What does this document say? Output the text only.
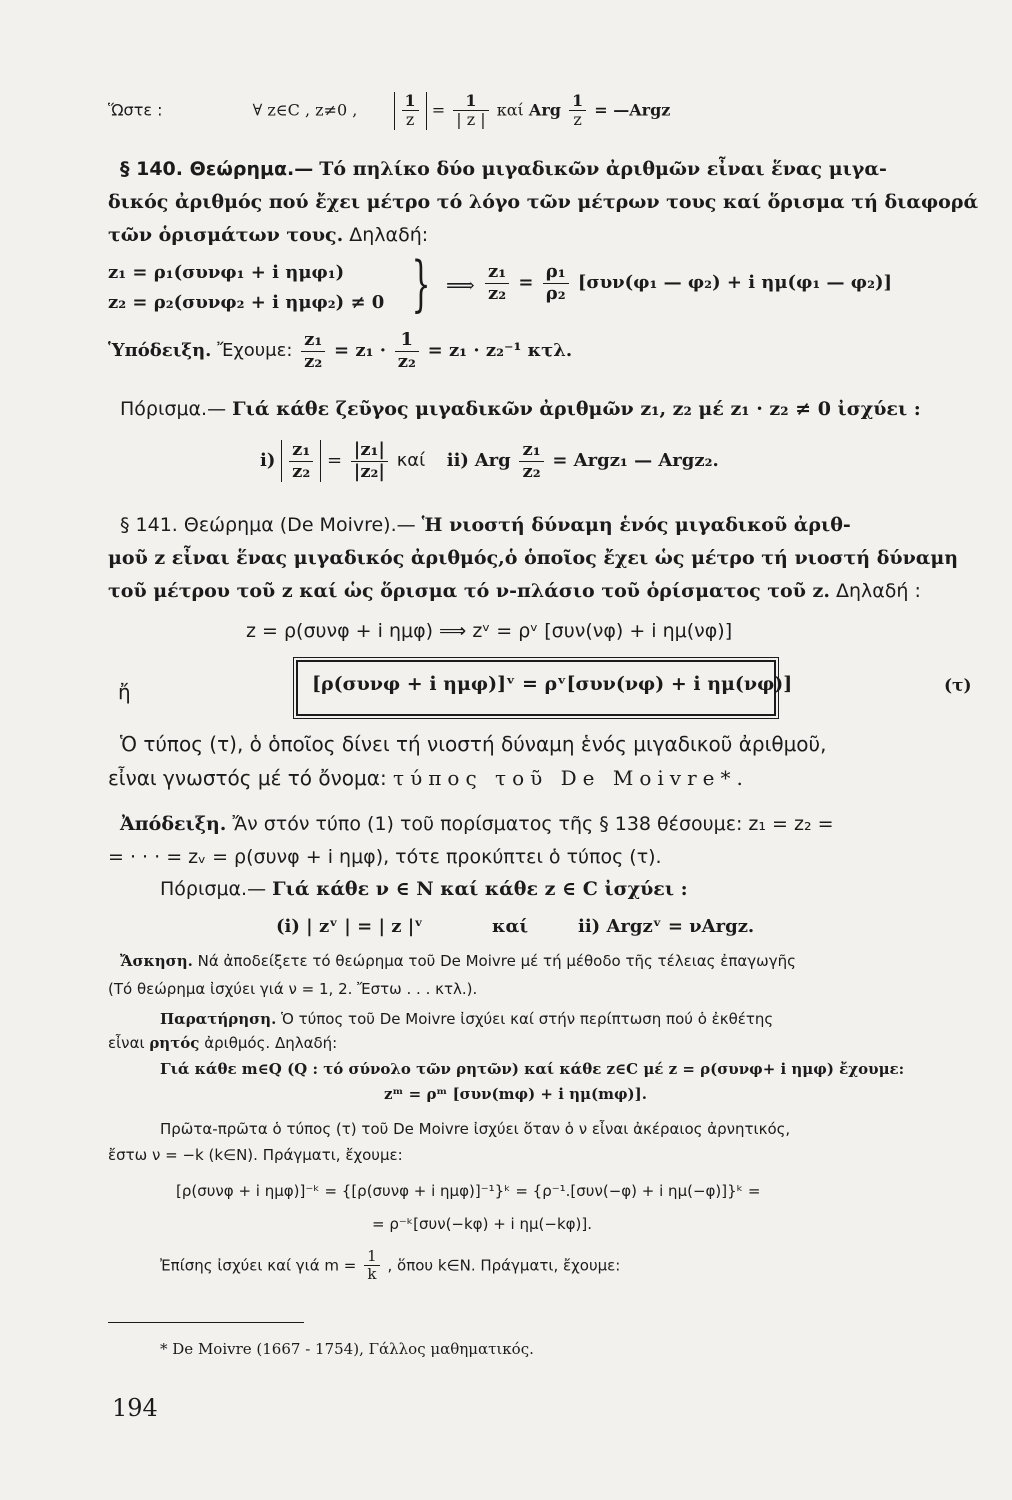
Ὥστε :	∀ z∈C , z≠0 ,	$\frac{1}{z} = \frac{1}{| z |}$ καί Arg $\frac{1}{z}$ = —Argz
§ 140. Θεώρημα.— Τό πηλίκο δύο μιγαδικῶν ἀριθμῶν εἶναι ἕνας μιγα-
δικός ἀριθμός πού ἔχει μέτρο τό λόγο τῶν μέτρων τους καί ὅρισμα τή διαφορά
τῶν ὁρισμάτων τους. Δηλαδή:
z₁ = ρ₁(συνφ₁ + i ημφ₁)
z₂ = ρ₂(συνφ₂ + i ημφ₂) ≠ 0 } ⟹ $\frac{\text{z₁}}{\text{z₂}} = \frac{\text{ρ₁}}{\text{ρ₂}} [\sigma\upsilon\nu(\varphi_1$ — φ₂) + i ημ(φ₁ — φ₂)]
Ὑπόδειξη. Ἔχουμε: $\frac{\text{z₁}}{\text{z₂}} = z_1 \cdot \frac{1}{\text{z₂}} = z_1 \cdot z_2^{-1}$ κτλ.
Πόρισμα.— Γιά κάθε ζεῦγος μιγαδικῶν ἀριθμῶν z₁, z₂ μέ z₁ · z₂ ≠ 0 ἰσχύει :
$i) \frac{\text{z₁}}{\text{z₂}} = \frac{\text{|z₁|}}{\text{|z₂|}}$ καί ii) Arg $\frac{\text{z₁}}{\text{z₂}}$ = Argz₁ — Argz₂.
§ 141. Θεώρημα (De Moivre).— Ἡ νιοστή δύναμη ἑνός μιγαδικοῦ ἀριθ-
μοῦ z εἶναι ἕνας μιγαδικός ἀριθμός,ὁ ὁποῖος ἔχει ὡς μέτρο τή νιοστή δύναμη
τοῦ μέτρου τοῦ z καί ὡς ὅρισμα τό ν-πλάσιο τοῦ ὁρίσματος τοῦ z. Δηλαδή :
z = ρ(συνφ + i ημφ) ⟹ zᵛ = ρᵛ [συν(νφ) + i ημ(νφ)]
ἤ	[ρ(συνφ + i ημφ)]ᵛ = ρᵛ[συν(νφ) + i ημ(νφ)]	(τ)
Ὁ τύπος (τ), ὁ ὁποῖος δίνει τή νιοστή δύναμη ἑνός μιγαδικοῦ ἀριθμοῦ,
εἶναι γνωστός μέ τό ὄνομα: τύπος τοῦ De Moivre*.
Ἀπόδειξη. Ἄν στόν τύπο (1) τοῦ πορίσματος τῆς § 138 θέσουμε: z₁ = z₂ =
= · · · = zᵥ = ρ(συνφ + i ημφ), τότε προκύπτει ὁ τύπος (τ).
Πόρισμα.— Γιά κάθε ν ∈ N καί κάθε z ∈ C ἰσχύει :
(i) | zᵛ | = | z |ᵛ	καί	ii) Argzᵛ = νArgz.
Ἄσκηση. Νά ἀποδείξετε τό θεώρημα τοῦ De Moivre μέ τή μέθοδο τῆς τέλειας ἐπαγωγῆς
(Τό θεώρημα ἰσχύει γιά ν = 1, 2. Ἔστω . . . κτλ.).
Παρατήρηση. Ὁ τύπος τοῦ De Moivre ἰσχύει καί στήν περίπτωση πού ὁ ἐκθέτης
εἶναι ρητός ἀριθμός. Δηλαδή:
Γιά κάθε m∈Q (Q : τό σύνολο τῶν ρητῶν) καί κάθε z∈C μέ z = ρ(συνφ+ i ημφ) ἔχουμε:
zᵐ = ρᵐ [συν(mφ) + i ημ(mφ)].
Πρῶτα-πρῶτα ὁ τύπος (τ) τοῦ De Moivre ἰσχύει ὅταν ὁ ν εἶναι ἀκέραιος ἀρνητικός,
ἔστω ν = −k (k∈N). Πράγματι, ἔχουμε:
[ρ(συνφ + i ημφ)]⁻ᵏ = {[ρ(συνφ + i ημφ)]⁻¹}ᵏ = {ρ⁻¹.[συν(−φ) + i ημ(−φ)]}ᵏ =
= ρ⁻ᵏ[συν(−kφ) + i ημ(−kφ)].
Ἐπίσης ἰσχύει καί γιά $m = \frac{1}{k}$ , ὅπου k∈N. Πράγματι, ἔχουμε:
* De Moivre (1667 - 1754), Γάλλος μαθηματικός.
194
